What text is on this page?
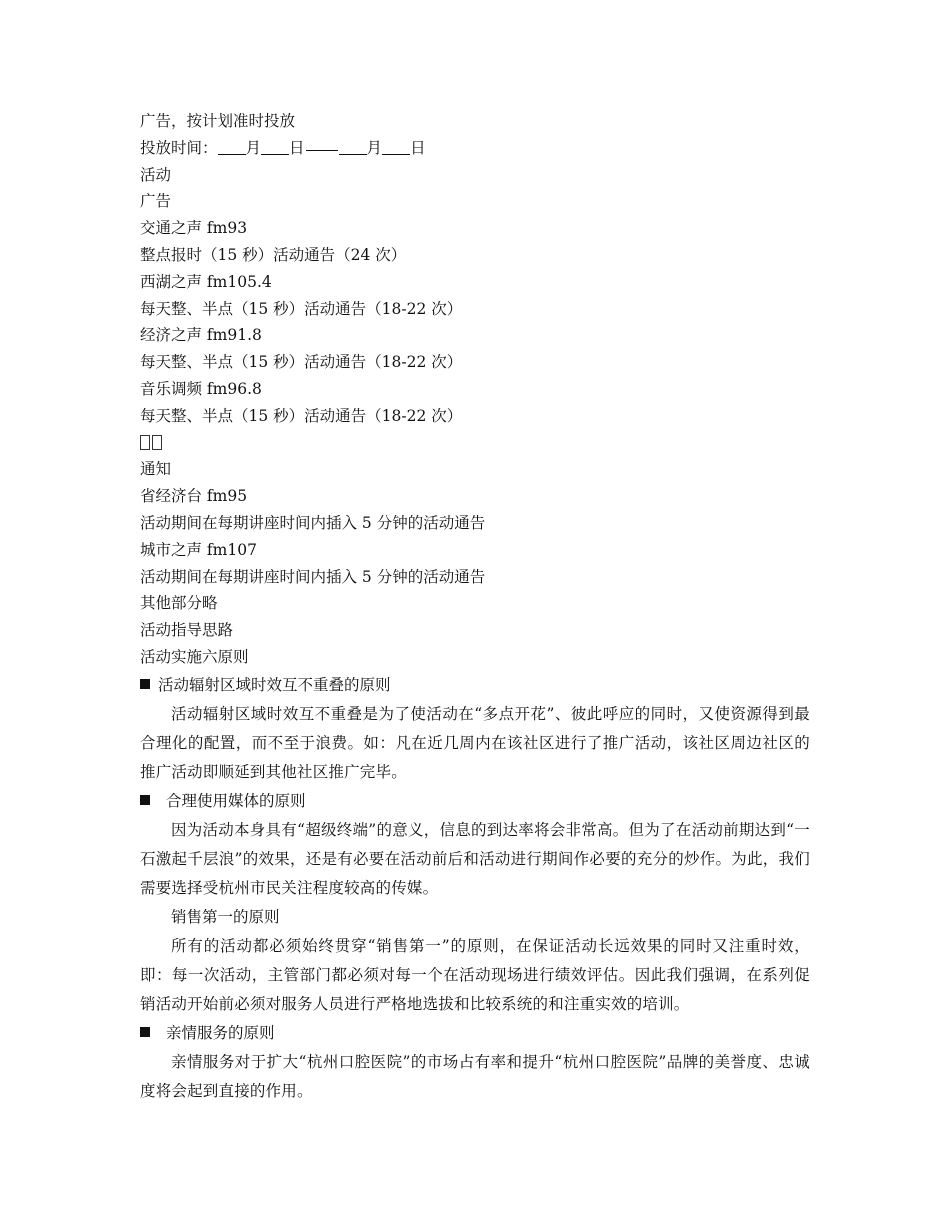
广告，按计划准时投放
投放时间： 月 日	月 日
活动
广告
交通之声 fm93
整点报时（15 秒）活动通告（24 次）
西湖之声 fm105.4
每天整、半点（15 秒）活动通告（18-22 次）
经济之声 fm91.8
每天整、半点（15 秒）活动通告（18-22 次）
音乐调频 fm96.8
每天整、半点（15 秒）活动通告（18-22 次）
通知
省经济台 fm95
活动期间在每期讲座时间内插入 5 分钟的活动通告
城市之声 fm107
活动期间在每期讲座时间内插入 5 分钟的活动通告
其他部分略
活动指导思路
活动实施六原则
活动辐射区域时效互不重叠的原则
活动辐射区域时效互不重叠是为了使活动在“多点开花”、彼此呼应的同时，又使资源得到最合理化的配置，而不至于浪费。如：凡在近几周内在该社区进行了推广活动，该社区周边社区的推广活动即顺延到其他社区推广完毕。
合理使用媒体的原则
因为活动本身具有“超级终端”的意义，信息的到达率将会非常高。但为了在活动前期达到“一石激起千层浪”的效果，还是有必要在活动前后和活动进行期间作必要的充分的炒作。为此，我们需要选择受杭州市民关注程度较高的传媒。
销售第一的原则
所有的活动都必须始终贯穿“销售第一”的原则，在保证活动长远效果的同时又注重时效，即：每一次活动，主管部门都必须对每一个在活动现场进行绩效评估。因此我们强调，在系列促销活动开始前必须对服务人员进行严格地选拔和比较系统的和注重实效的培训。
亲情服务的原则
亲情服务对于扩大“杭州口腔医院”的市场占有率和提升“杭州口腔医院”品牌的美誉度、忠诚度将会起到直接的作用。
